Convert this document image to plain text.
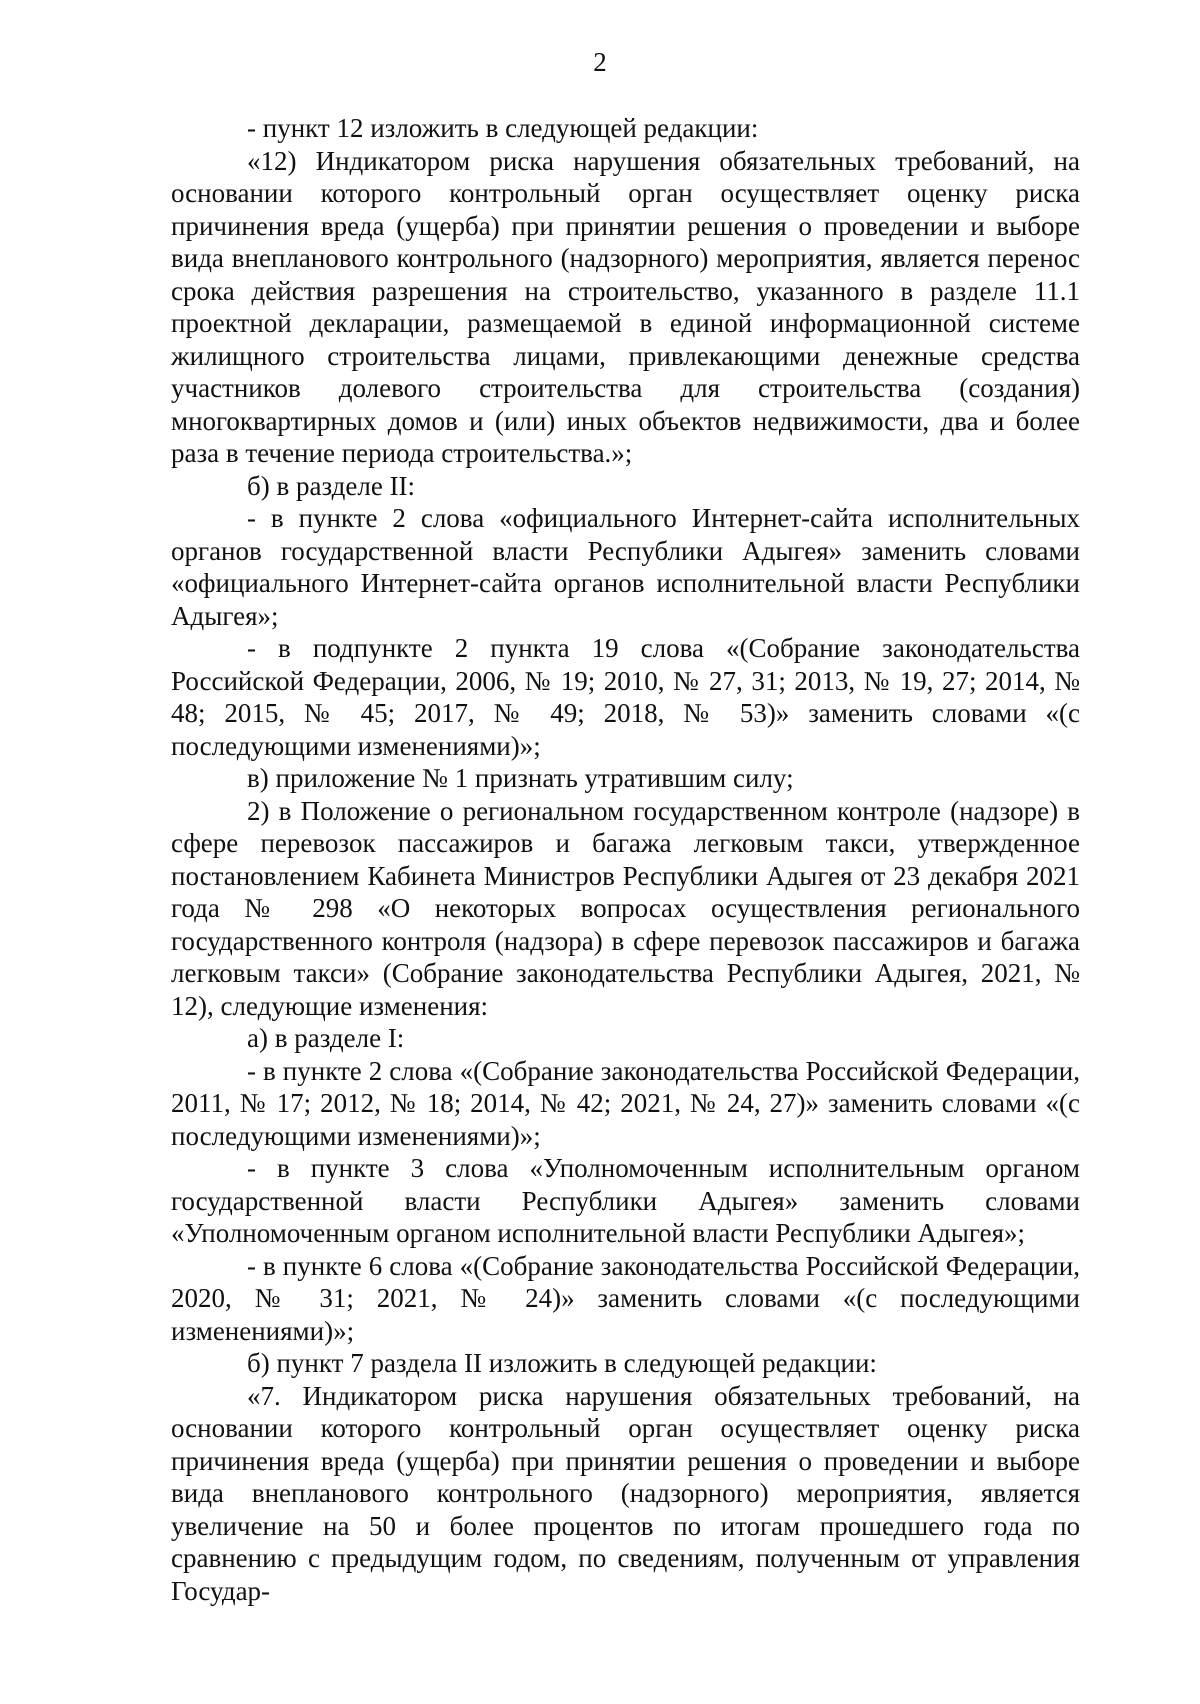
2

- пункт 12 изложить в следующей редакции:

«12) Индикатором риска нарушения обязательных требований, на основании которого контрольный орган осуществляет оценку риска причинения вреда (ущерба) при принятии решения о проведении и выборе вида внепланового контрольного (надзорного) мероприятия, является перенос срока действия разрешения на строительство, указанного в разделе 11.1 проектной декларации, размещаемой в единой информационной системе жилищного строительства лицами, привлекающими денежные средства участников долевого строительства для строительства (создания) многоквартирных домов и (или) иных объектов недвижимости, два и более раза в течение периода строительства.»;

б) в разделе II:

- в пункте 2 слова «официального Интернет-сайта исполнительных органов государственной власти Республики Адыгея» заменить словами «официального Интернет-сайта органов исполнительной власти Республики Адыгея»;

- в подпункте 2 пункта 19 слова «(Собрание законодательства Российской Федерации, 2006, № 19; 2010, № 27, 31; 2013, № 19, 27; 2014, № 48; 2015, № 45; 2017, № 49; 2018, № 53)» заменить словами «(с последующими изменениями)»;

в) приложение № 1 признать утратившим силу;

2) в Положение о региональном государственном контроле (надзоре) в сфере перевозок пассажиров и багажа легковым такси, утвержденное постановлением Кабинета Министров Республики Адыгея от 23 декабря 2021 года № 298 «О некоторых вопросах осуществления регионального государственного контроля (надзора) в сфере перевозок пассажиров и багажа легковым такси» (Собрание законодательства Республики Адыгея, 2021, № 12), следующие изменения:

а) в разделе I:

- в пункте 2 слова «(Собрание законодательства Российской Федерации, 2011, № 17; 2012, № 18; 2014, № 42; 2021, № 24, 27)» заменить словами «(с последующими изменениями)»;

- в пункте 3 слова «Уполномоченным исполнительным органом государственной власти Республики Адыгея» заменить словами «Уполномоченным органом исполнительной власти Республики Адыгея»;

- в пункте 6 слова «(Собрание законодательства Российской Федерации, 2020, № 31; 2021, № 24)» заменить словами «(с последующими изменениями)»;

б) пункт 7 раздела II изложить в следующей редакции:

«7. Индикатором риска нарушения обязательных требований, на основании которого контрольный орган осуществляет оценку риска причинения вреда (ущерба) при принятии решения о проведении и выборе вида внепланового контрольного (надзорного) мероприятия, является увеличение на 50 и более процентов по итогам прошедшего года по сравнению с предыдущим годом, по сведениям, полученным от управления Государ-
